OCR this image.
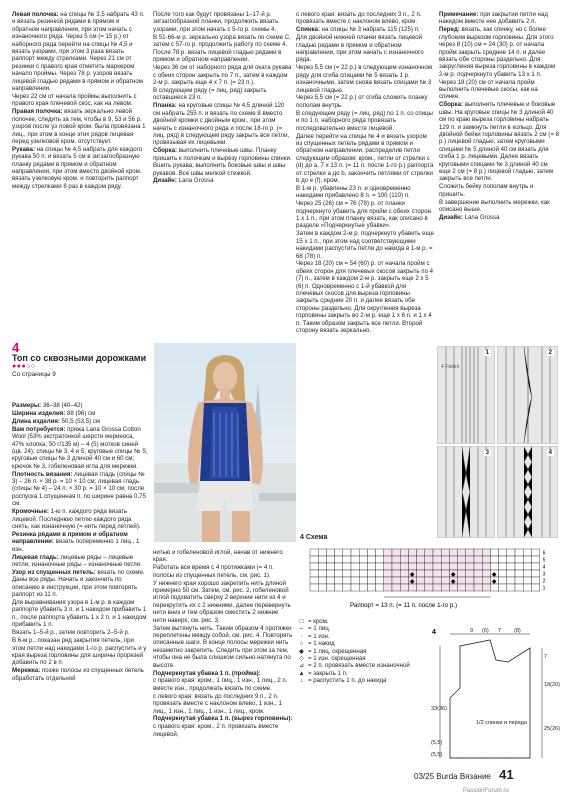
Левая полочка: на спицы № 3,5 набрать 43 п. и вязать резинкой рядами в прямом и обратном направлении, при этом начать с изнаночного ряда. Через 5 см (= 15 р.) от наборного ряда перейти на спицы № 4,5 и вязать узорами, при этом 3 раза вязать раппорт между стрелками. Через 21 см от резинки с правого края отметить маркером начало проймы. Через 78 р. узоров вязать лицевой гладью рядами в прямом и обратном направлении.

Через 22 см от начала проймы выполнить с правого края плечевой скос, как на левом.

Правая полочка: вязать зеркально левой полочке, следить за тем, чтобы в 9, 53 и 56 р. узоров после уз ловой кром. была провязана 1 лиц., при этом в конце этих рядов лицевая перед узелковой кром. отсутствует.

Рукава: на спицы № 4,5 набрать для каждого рукава 50 п. и вязать 5 см в зигзагообразную планку рядами в прямом и обратном направлении, при этом вместо двойной кром. вязать узелковую кром. и повторить раппорт между стрелками 8 раз в каждом ряду.

4
Топ со сквозными дорожками
●●●○○
Со страницы 9

Размеры: 36–38 (40–42)

Ширина изделия: 88 (96) см

Длина изделия: 50,5 (53,5) см

Вам потребуется: пряжа Lana Grossa Cotton Wool (53% экстратонкой шерсти мериноса, 47% хлопка; 50 г/135 м) – 4 (5) мотков синей (цв. 24); спицы № 3, 4 и 5; круговые спицы № 5; круговые спицы № 3 длиной 40 см и 60 см; крючок № 3, гобеленовая игла для мережки.

Плотность вязания: лицевая гладь (спицы № 3) – 26 п. × 38 р. = 10 × 10 см; лицевая гладь (спицы № 4) – 24 п. × 30 р. = 10 × 10 см; после роспуска 1 спущенная п. по ширине равна 0,75 см.

Кромочные: 1-ю п. каждого ряда вязать лицевой. Последнюю петлю каждого ряда снять, как изнаночную (= нить перед петлей).

Резинка рядами в прямом и обратном направлении: вязать попеременно 1 лиц., 1 изн.

Лицевая гладь: лицевые ряды – лицевые петли, изнаночные ряды – изнаночные петли.

Узор из спущенных петель: вязать по схеме. Даны все ряды. Начать и закончить по описанию в инструкции, при этом повторять раппорт из 11 п.

Для выравнивания узора в 1-м р. в каждом раппорте убавить 3 п. и 1 накидом прибавить 1 п., после раппорта убавить 1 х 2 п. и 1 накидом прибавить 1 п.

Вязать 1–5-й р., затем повторить 2–5-й р.

В 6-м р., показан ряд закрытия петель, при этом петли над накидами 1-го р. распустить и у края выреза горловины для ширины прорезей добавить по 2 в п.

Мережка: позже полосы из спущенных петель обработать отдельной

После того как будут провязаны 1–17-й р. зигзагообразной планки, продолжить вязать узорами, при этом начать с 5-го р. схемы 4.

В 51-66-м р. зеркально узора вязать по схеме С, затем с 57-го р. продолжить работу по схеме 4.

После 78 р. вязать лицевой гладью рядами в прямом и обратном направлении.

Через 36 см от наборного ряда для оката рукава с обеих сторон закрыть по 7 п., затем в каждом 2-м р. закрыть еще 4 х 7 п. (= 23 п.).

В следующем ряду (= лиц. ряд) закрыть оставшиеся 23 п.

Планка: на круговые спицы № 4,5 длиной 120 см набрать 255 п. и вязать по схеме 8 вместо двойной кромки с двойным кром., при этом начать с изнаночного ряда и после 18-го р. (= лиц. ряд) в следующем ряду закрыть все петли, провязывая их лицевыми.

Сборка: выполнить плечевые швы. Планку пришить к полочкам и вырезу горловины спинки. Вшить рукава, выполнить боковые швы и швы рукавов. Все швы мелкой стежкой.

Дизайн: Lana Grossa

нитью и гобеленовой иглой, начав от нижнего края.

Работать все время с 4 протяжками (= 4 п. полосы из спущенных петель, см. рис. 1).

У нижнего края хорошо закрепить нить длиной примерно 50 см. Затем, см. рис. 2, гобеленовой иглой подхватить сверху 2 верхние нити из 4 и перекрутить их с 2 нижними, далее перевернуть нити вниз и тем образом сместить 2 нижние нити наверх, см. рис. 3.

Затем вытянуть нить. Таким образом 4 протяжки переплетены между собой, см. рис. 4. Повторять описанные шаги. В конце полосы мережки нить незаметно закрепить. Следить при этом за тем, чтобы она не была слишком сильно натянута по высоте.

Подчеркнутая убавка 1 п. (пройма):

с правого края: кром., 1 лиц., 1 изн., 1 лиц., 2 п. вместе изн., продолжать вязать по схеме.

с левого края: вязать до последних 9 п., 2 п. провязать вместе с наклоном влево, 1 изн., 1 лиц., 1 изн., 1 лиц., 1 изн., 1 лиц., кром.

Подчеркнутая убавка 1 п. (вырез горловины):

с правого края: кром., 2 п. провязать вместе лицевой;

с левого края: вязать до последних 3 п., 2 п. провязать вместе с наклоном влево, кром.

Спинка: на спицы № 3 набрать 115 (125) п.

Для двойной нижней планки вязать лицевой гладью рядами в прямом и обратном направлении, при этом начать с изнаночного ряда.

Через 5,5 см (= 22 р.) в следующем изнаночном ряду для сгиба спицами № 5 вязать 1 р. изнаночными, затем снова вязать спицами № 3 лицевой гладью.

Через 5,5 см (= 22 р.) от сгиба сложить планку пополам внутрь.

В следующем ряду (= лиц. ряд) по 1 п. со спицы и по 1 п. наборного ряда провязать последовательно вместе лицевой.

Далее перейти на спицы № 4 и вязать узором из спущенных петель рядами в прямом и обратном направлении, распределив петли следующим образом: кром., петли от стрелки с (d) до а, 7 х 13 п. (= 11 п. после 1-го р.) раппорта от стрелки а до b, закончить петлями от стрелки b до e (f), кром.

В 1-м р. убавлены 23 п. и одновременно накидами прибавлено 8 п. = 100 (110) п.

Через 25 (26) см = 76 (78) р. от планки подчеркнуто убавить для пройм с обеих сторон 1 х 1 п., при этом планку вязать, как описано в разделе «Подчеркнутые убавки».

Затем в каждом 2-м р. подчеркнуто убавить еще 15 х 1 п., при этом над соответствующими накидами распустить петли до накида в 1-м р. = 68 (78) п.

Через 18 (20) см = 54 (60) р. от начала пройм с обеих сторон для плечевых скосов закрыть по 4 (7) п., затем в каждом 2-м р. закрыть еще 2 х 5 (6) п. Одновременно с 1-й убавкой для плечевых скосов для выреза горловины закрыть средние 20 п. и далее вязать обе стороны раздельно. Для округления выреза горловины закрыть во 2-м р. еще 1 х 6 п. и 1 х 4 п. Таким образом закрыть все петли. Второй сторону вязать зеркально.

Примечание: при закрытии петли над накидом вместе нее добавить 2 п.

Перед: вязать, как спинку, но с более глубоким вырезом горловины. Для этого через 8 (10) см = 24 (30) р. от начала пройм закрыть средние 14 п. и далее вязать обе стороны раздельно. Для закругления выреза горловины в каждом 2-м р. подчеркнуто убавить 13 х 1 п.

Через 18 (20) см от начала пройм выполнить плечевые скосы, как на спинке.

Сборка: выполнить плечевые и боковые швы. На круговые спицы № 3 длиной 40 см по краю выреза горловины набрать 129 п. и замкнуть петли в кольцо. Для двойной бейки горловины вязать 2 см (= 8 р.) лицевой гладью, затем круговыми спицами № 5 длиной 40 см вязать для сгиба 1 р. лицевыми. Далее вязать круговыми спицами № 3 длиной 40 см еще 2 см (= 8 р.) лицевой гладью, затем закрыть все петли.

Сложить бейку пополам внутрь и пришить.

В завершение выполнить мережки, как описано выше.

Дизайн: Lana Grossa

4 Fäden
1	2
3	4
4 Схема
6
5
4
3
2
1
◆	◆	◆
◆	◆	◆
Раппорт = 13 п. (= 11 п. после 1-го р.)
□ = кром.
– = 1 лиц.
· = 1 изн.
○ = 1 накид
◆ = 1 лиц. скрещенная
◇ = 1 изн. скрещенная
⊿ = 2 п. провязать вместе изнаночной
▲ = закрыть 1 п.
↓ = распустить 1 п. до накида
4	9 (6) 7 (8)
7
18(20)
25(26)
33(36)
(5,5)
(5,5)
1/2 спинки и переда
03/25 Burda Вязание 41
PassionForum.ru
